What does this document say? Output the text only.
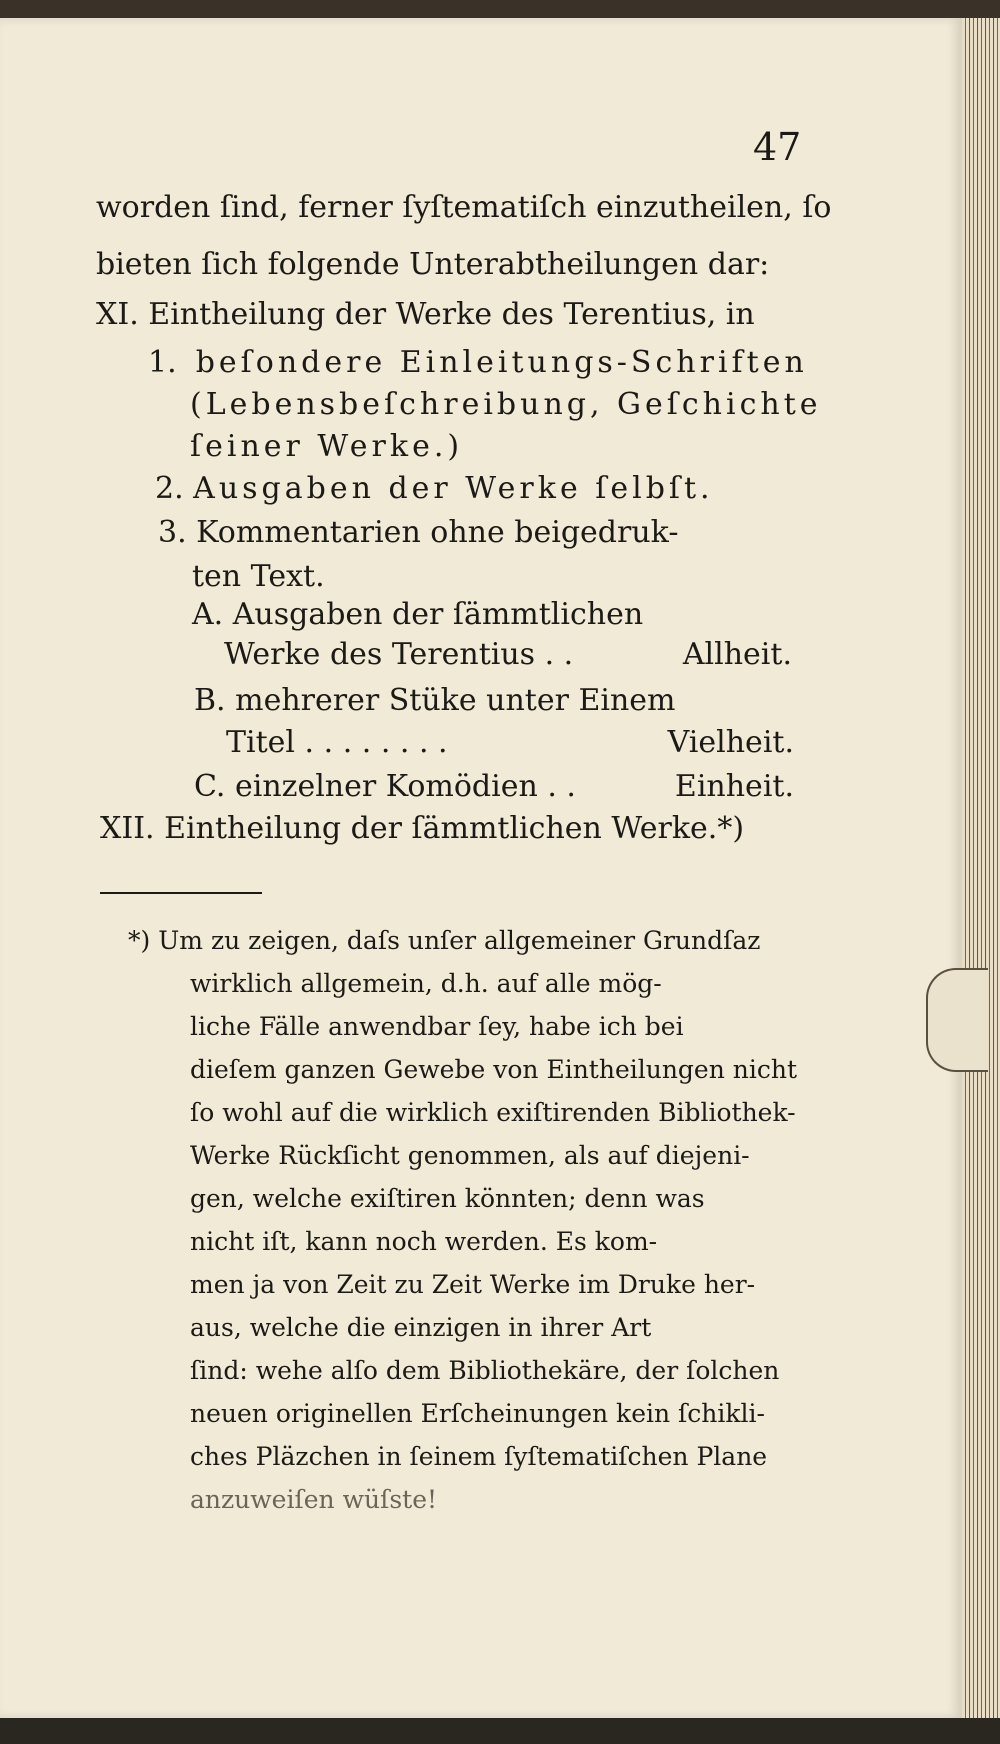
47
worden ſind, ferner ſyſtematiſch einzutheilen, ſo
bieten ſich folgende Unterabtheilungen dar:
XI. Eintheilung der Werke des Terentius, in
1. beſondere Einleitungs-Schriften
(Lebensbeſchreibung, Geſchichte
ſeiner Werke.)
2. Ausgaben der Werke ſelbſt.
3. Kommentarien ohne beigedruk-
ten Text.
A. Ausgaben der ſämmtlichen
Werke des Terentius . .	Allheit.
B. mehrerer Stüke unter Einem
Titel . . . . . . . .	Vielheit.
C. einzelner Komödien . .	Einheit.
XII. Eintheilung der ſämmtlichen Werke.*)
*) Um zu zeigen, daſs unſer allgemeiner Grundſaz
wirklich allgemein, d.h. auf alle mög-
liche Fälle anwendbar ſey, habe ich bei
dieſem ganzen Gewebe von Eintheilungen nicht
ſo wohl auf die wirklich exiſtirenden Bibliothek-
Werke Rückſicht genommen, als auf diejeni-
gen, welche exiſtiren könnten; denn was
nicht iſt, kann noch werden. Es kom-
men ja von Zeit zu Zeit Werke im Druke her-
aus, welche die einzigen in ihrer Art
ſind: wehe alſo dem Bibliothekäre, der ſolchen
neuen originellen Erſcheinungen kein ſchikli-
ches Pläzchen in ſeinem ſyſtematiſchen Plane
anzuweiſen wüſste!
